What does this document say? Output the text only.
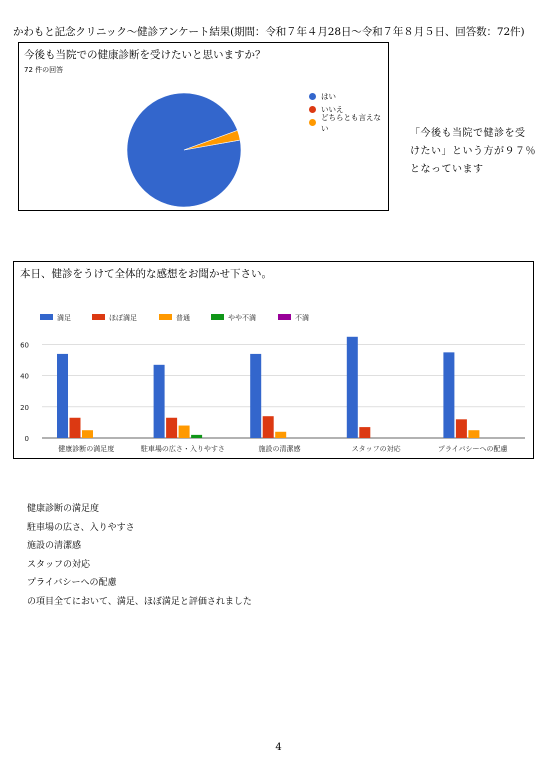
かわもと記念クリニック〜健診アンケート結果(期間：令和７年４月28日〜令和７年８月５日、回答数：72件)
今後も当院での健康診断を受けたいと思いますか？
72 件の回答
97.2%
はい
いいえ
どちらとも言えない	「今後も当院で健診を受
けたい」という方が９７％
となっています
本日、健診をうけて全体的な感想をお聞かせ下さい。
0
20
40
60
満足	ほぼ満足	普通	やや不満	不満
健康診断の満足度	駐車場の広さ・入りやすさ	施設の清潔感	スタッフの対応	プライバシーへの配慮
健康診断の満足度
駐車場の広さ、入りやすさ
施設の清潔感
スタッフの対応
プライバシーへの配慮
の項目全てにおいて、満足、ほぼ満足と評価されました
4
